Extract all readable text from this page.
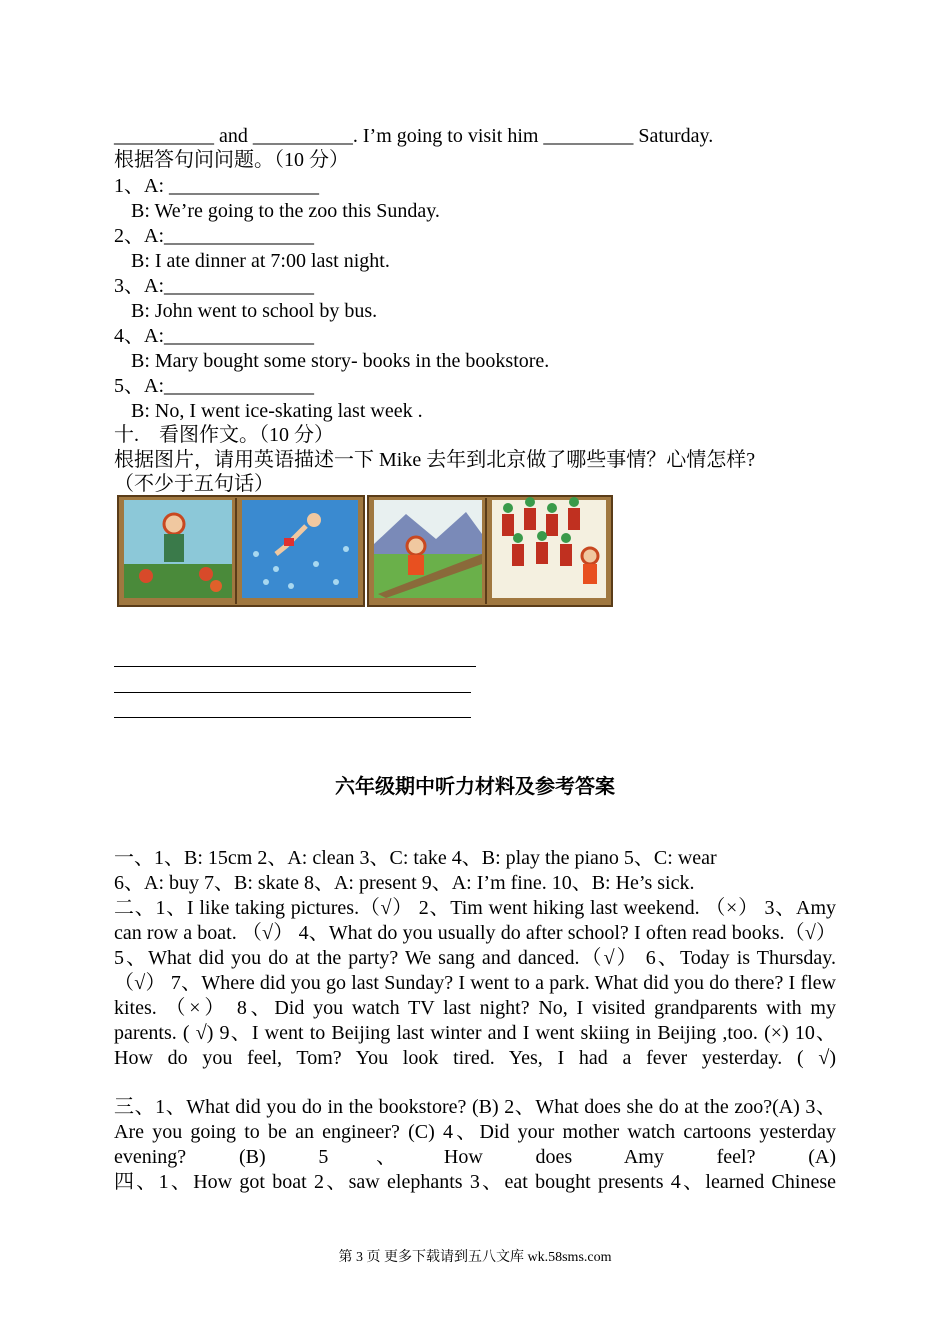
__________ and __________. I’m going to visit him _________ Saturday.
根据答句问问题。（10 分）
1、A: _______________
B: We’re going to the zoo this Sunday.
2、A:_______________
B: I ate dinner at 7:00 last night.
3、A:_______________
B: John went to school by bus.
4、A:_______________
B: Mary bought some story- books in the bookstore.
5、A:_______________
B: No, I went ice-skating last week .
十.　看图作文。（10 分）
根据图片，请用英语描述一下 Mike 去年到北京做了哪些事情？心情怎样?
（不少于五句话）
六年级期中听力材料及参考答案
一、1、B: 15cm 2、A: clean 3、C: take 4、B: play the piano 5、C: wear
6、A: buy 7、B: skate 8、A: present 9、A: I’m fine. 10、B: He’s sick.
二、1、I like taking pictures.（√） 2、Tim went hiking last weekend. （×） 3、Amy can row a boat. （√） 4、What do you usually do after school? I often read books.（√） 5、What did you do at the party? We sang and danced.（√） 6、Today is Thursday. （√） 7、Where did you go last Sunday? I went to a park. What did you do there? I flew kites. （×） 8、Did you watch TV last night? No, I visited grandparents with my parents. ( √) 9、I went to Beijing last winter and I went skiing in Beijing ,too. (×) 10、How do you feel, Tom? You look tired. Yes, I had a fever yesterday. ( √)
三、1、What did you do in the bookstore? (B) 2、What does she do at the zoo?(A) 3、Are you going to be an engineer? (C) 4、Did your mother watch cartoons yesterday evening? (B) 5、How does Amy feel? (A)
四、1、How got boat 2、saw elephants 3、eat bought presents 4、learned Chinese
第 3 页 更多下载请到五八文库 wk.58sms.com
